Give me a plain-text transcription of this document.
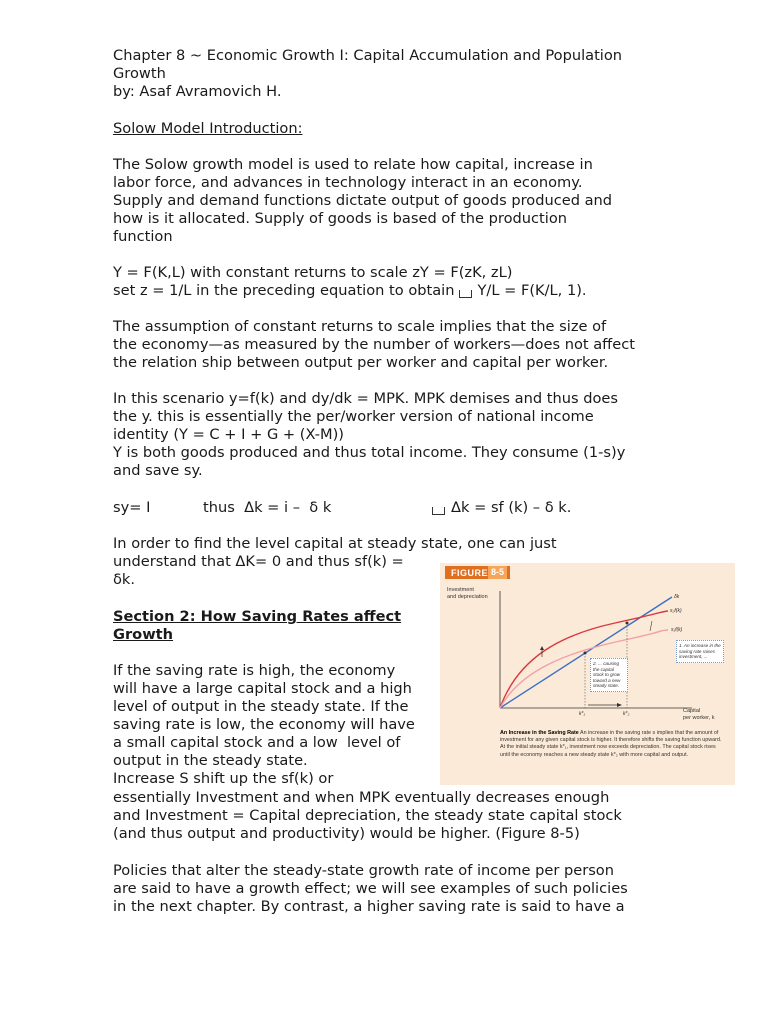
Chapter 8 ~ Economic Growth I: Capital Accumulation and Population

Growth

by: Asaf Avramovich H.

Solow Model Introduction:

The Solow growth model is used to relate how capital, increase in

labor force, and advances in technology interact in an economy.

Supply and demand functions dictate output of goods produced and

how is it allocated. Supply of goods is based of the production

function

Y = F(K,L) with constant returns to scale zY = F(zK, zL)

set z = 1/L in the preceding equation to obtain Y/L = F(K/L, 1).

The assumption of constant returns to scale implies that the size of

the economy—as measured by the number of workers—does not affect

the relation ship between output per worker and capital per worker.

In this scenario y=f(k) and dy/dk = MPK. MPK demises and thus does

the y. this is essentially the per/worker version of national income

identity (Y = C + I + G + (X-M))

Y is both goods produced and thus total income. They consume (1-s)y

and save sy.

sy= I	thus  Δk = i –  δ k	Δk = sf (k) – δ k.

In order to find the level capital at steady state, one can just

understand that ΔK= 0 and thus sf(k) =

δk.

Section 2: How Saving Rates affect

Growth

If the saving rate is high, the economy

will have a large capital stock and a high

level of output in the steady state. If the

saving rate is low, the economy will have

a small capital stock and a low  level of

output in the steady state.

Increase S shift up the sf(k) or

essentially Investment and when MPK eventually decreases enough

and Investment = Capital depreciation, the steady state capital stock

(and thus output and productivity) would be higher. (Figure 8-5)

Policies that alter the steady-state growth rate of income per person

are said to have a growth effect; we will see examples of such policies

in the next chapter. By contrast, a higher saving rate is said to have a

FIGURE 8-5
Investment
and depreciation	δk
s₂f(k)
s₁f(k)
k*₁	k*₂
1. An increase in the saving rate raises investment, ...
2. ... causing the capital stock to grow toward a new steady state.
Capital
per worker, k
An Increase in the Saving Rate An increase in the saving rate s implies that the amount of investment for any given capital stock is higher. It therefore shifts the saving function upward. At the initial steady state k*₁, investment now exceeds depreciation. The capital stock rises until the economy reaches a new steady state k*₂ with more capital and output.
